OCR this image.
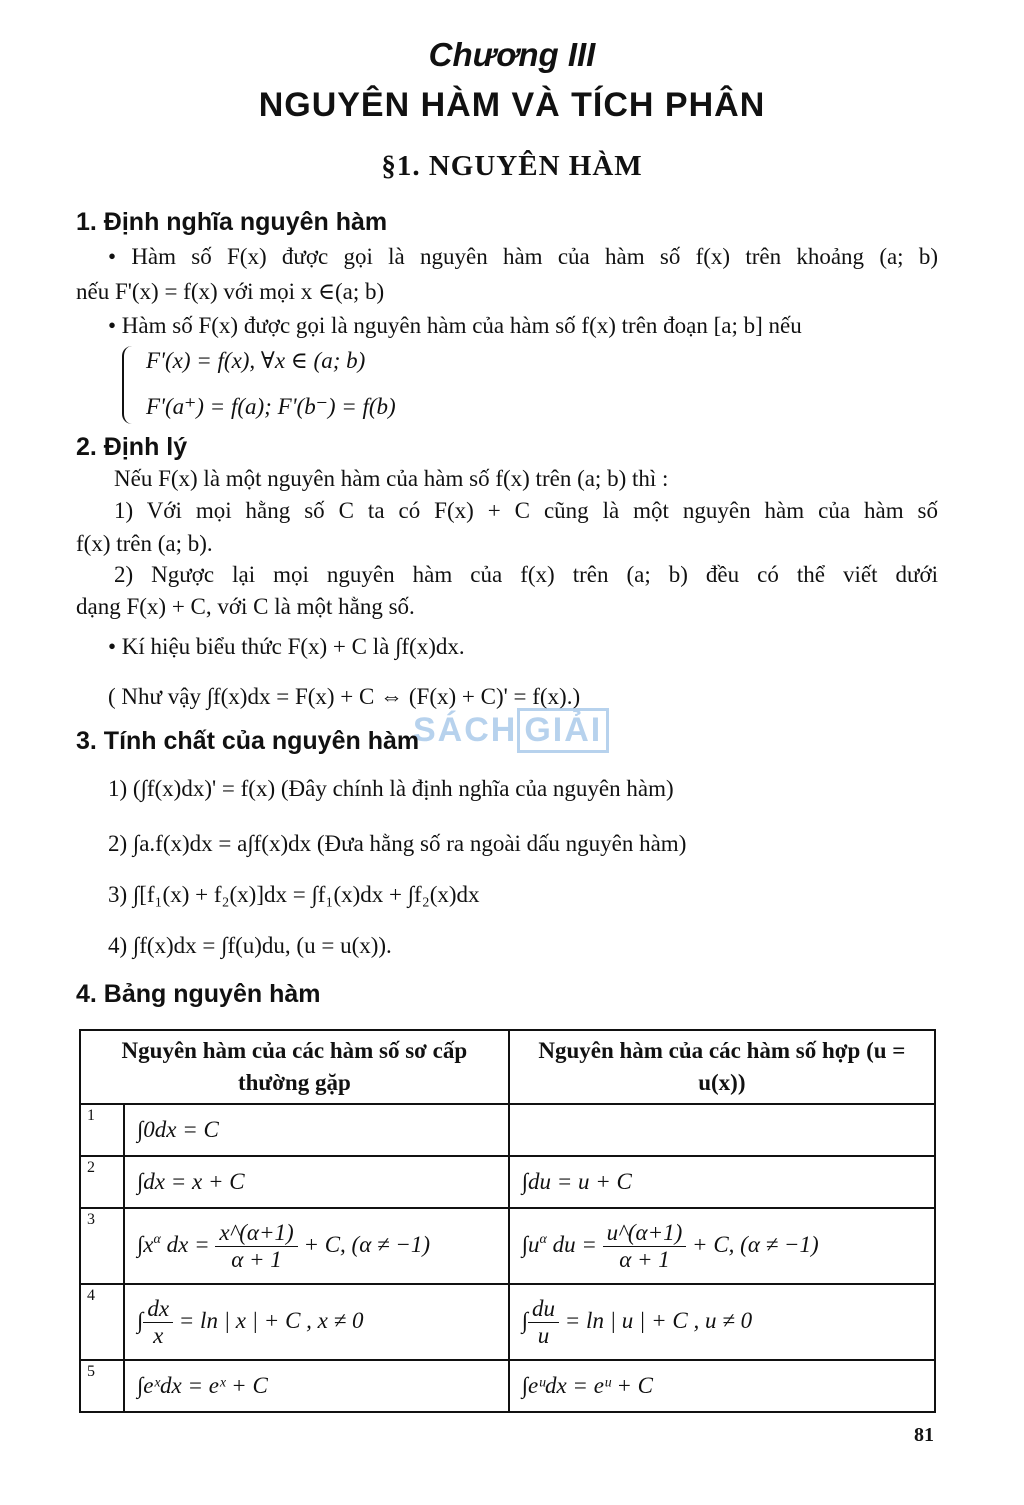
Chương III
NGUYÊN HÀM VÀ TÍCH PHÂN
§1. NGUYÊN HÀM
1. Định nghĩa nguyên hàm
• Hàm số F(x) được gọi là nguyên hàm của hàm số f(x) trên khoảng (a; b)
nếu F'(x) = f(x) với mọi x ∈(a; b)
• Hàm số F(x) được gọi là nguyên hàm của hàm số f(x) trên đoạn [a; b] nếu
F'(x) = f(x), ∀x ∈ (a; b)
F'(a⁺) = f(a); F'(b⁻) = f(b)
2. Định lý
Nếu F(x) là một nguyên hàm của hàm số f(x) trên (a; b) thì :
1) Với mọi hằng số C ta có F(x) + C cũng là một nguyên hàm của hàm số
f(x) trên (a; b).
2) Ngược lại mọi nguyên hàm của f(x) trên (a; b) đều có thể viết dưới
dạng F(x) + C, với C là một hằng số.
• Kí hiệu biểu thức F(x) + C là ∫f(x)dx.
( Như vậy ∫f(x)dx = F(x) + C ⇔ (F(x) + C)' = f(x).)
SÁCH GIẢI
3. Tính chất của nguyên hàm
1) (∫f(x)dx)' = f(x) (Đây chính là định nghĩa của nguyên hàm)
2) ∫a.f(x)dx = a∫f(x)dx (Đưa hằng số ra ngoài dấu nguyên hàm)
3) ∫[f₁(x) + f₂(x)]dx = ∫f₁(x)dx + ∫f₂(x)dx
4) ∫f(x)dx = ∫f(u)du, (u = u(x)).
4. Bảng nguyên hàm
Nguyên hàm của các hàm số sơ cấp thường gặp		Nguyên hàm của các hàm số hợp (u = u(x))
1	∫0dx = C	
2	∫dx = x + C	∫du = u + C
3	$\int x^\alpha$ dx = $\frac{x\^{}(\alpha+1)}{\alpha + 1} + C$, (α ≠ −1)	$\int u^\alpha$ du = $\frac{u\^{}(\alpha+1)}{\alpha + 1} + C$, (α ≠ −1)
4	∫ $\frac{dx}{x} = \ln$ | x | + C , x ≠ 0	∫ $\frac{du}{u} = \ln$ | u | + C , u ≠ 0
5	∫eˣdx = eˣ + C	∫eᵘdx = eᵘ + C
81
